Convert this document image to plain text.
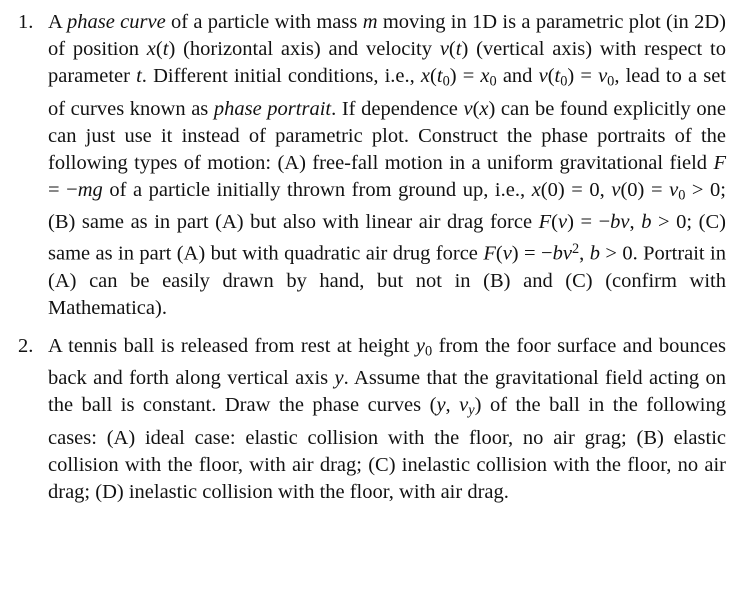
1. A phase curve of a particle with mass m moving in 1D is a parametric plot (in 2D) of position x(t) (horizontal axis) and velocity v(t) (vertical axis) with respect to parameter t. Different initial conditions, i.e., x(t0) = x0 and v(t0) = v0, lead to a set of curves known as phase portrait. If dependence v(x) can be found explicitly one can just use it instead of parametric plot. Construct the phase portraits of the following types of motion: (A) free-fall motion in a uniform gravitational field F = −mg of a particle initially thrown from ground up, i.e., x(0) = 0, v(0) = v0 > 0; (B) same as in part (A) but also with linear air drag force F(v) = −bv, b > 0; (C) same as in part (A) but with quadratic air drug force $F(v) = -bv^2$, b > 0. Portrait in (A) can be easily drawn by hand, but not in (B) and (C) (confirm with Mathematica).

2. A tennis ball is released from rest at height y0 from the foor surface and bounces back and forth along vertical axis y. Assume that the gravitational field acting on the ball is constant. Draw the phase curves (y, vy) of the ball in the following cases: (A) ideal case: elastic collision with the floor, no air grag; (B) elastic collision with the floor, with air drag; (C) inelastic collision with the floor, no air drag; (D) inelastic collision with the floor, with air drag.
